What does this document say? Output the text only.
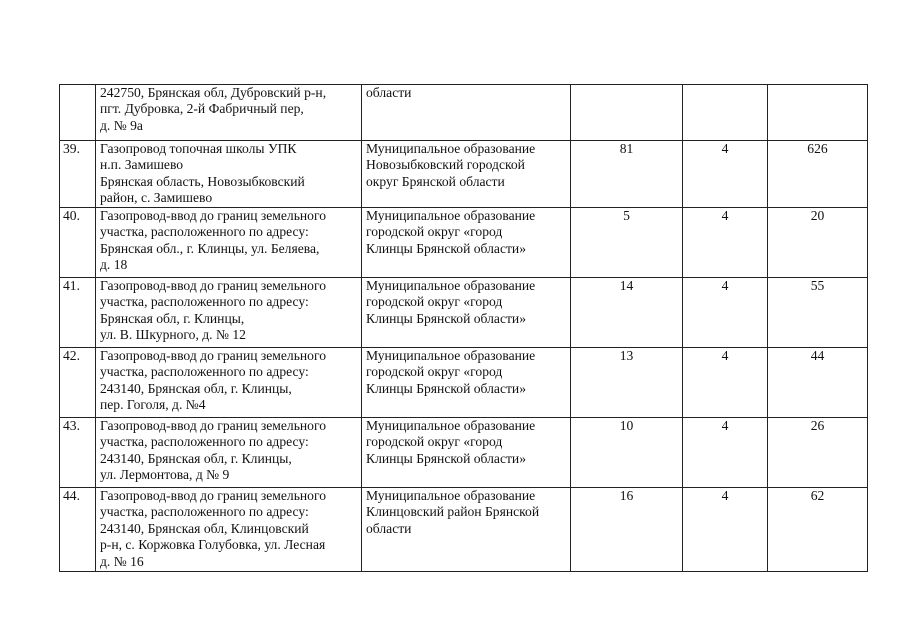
	242750, Брянская обл, Дубровский р-н,
пгт. Дубровка, 2-й Фабричный пер,
д. № 9а	области			
39.	Газопровод топочная школы УПК
н.п. Замишево
Брянская область, Новозыбковский
район, с. Замишево	Муниципальное образование
Новозыбковский городской
округ Брянской области	81	4	626
40.	Газопровод-ввод до границ земельного
участка, расположенного по адресу:
Брянская обл., г. Клинцы, ул. Беляева,
д. 18	Муниципальное образование
городской округ «город
Клинцы Брянской области»	5	4	20
41.	Газопровод-ввод до границ земельного
участка, расположенного по адресу:
Брянская обл, г. Клинцы,
ул. В. Шкурного, д. № 12	Муниципальное образование
городской округ «город
Клинцы Брянской области»	14	4	55
42.	Газопровод-ввод до границ земельного
участка, расположенного по адресу:
243140, Брянская обл, г. Клинцы,
пер. Гоголя, д. №4	Муниципальное образование
городской округ «город
Клинцы Брянской области»	13	4	44
43.	Газопровод-ввод до границ земельного
участка, расположенного по адресу:
243140, Брянская обл, г. Клинцы,
ул. Лермонтова, д № 9	Муниципальное образование
городской округ «город
Клинцы Брянской области»	10	4	26
44.	Газопровод-ввод до границ земельного
участка, расположенного по адресу:
243140, Брянская обл, Клинцовский
р-н, с. Коржовка Голубовка, ул. Лесная
д. № 16	Муниципальное образование
Клинцовский район Брянской
области	16	4	62
